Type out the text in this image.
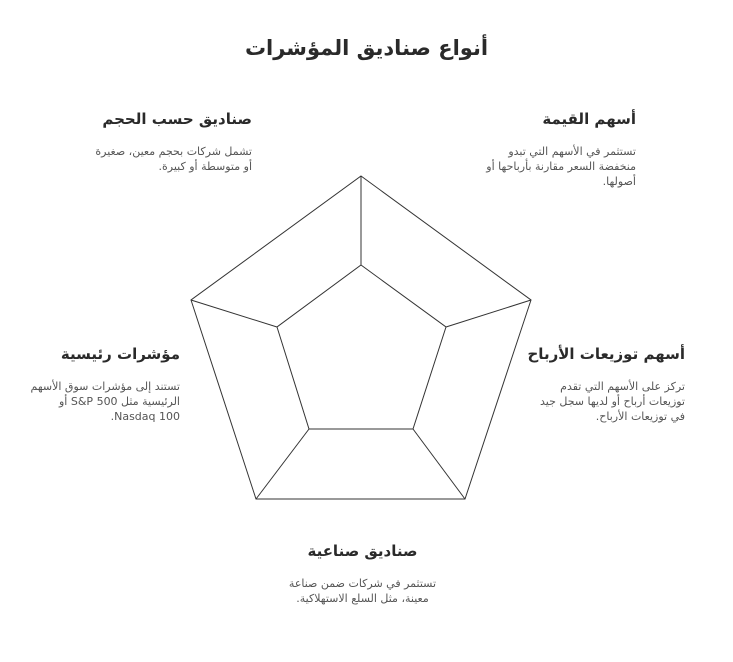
أنواع صناديق المؤشرات
صناديق حسب الحجم
تشمل شركات بحجم معين، صغيرة
أو متوسطة أو كبيرة.
أسهم القيمة
تستثمر في الأسهم التي تبدو
منخفضة السعر مقارنة بأرباحها أو
أصولها.
مؤشرات رئيسية
تستند إلى مؤشرات سوق الأسهم
الرئيسية مثل S&P 500 أو
Nasdaq 100.
أسهم توزيعات الأرباح
تركز على الأسهم التي تقدم
توزيعات أرباح أو لديها سجل جيد
في توزيعات الأرباح.
صناديق صناعية
تستثمر في شركات ضمن صناعة
معينة، مثل السلع الاستهلاكية.
